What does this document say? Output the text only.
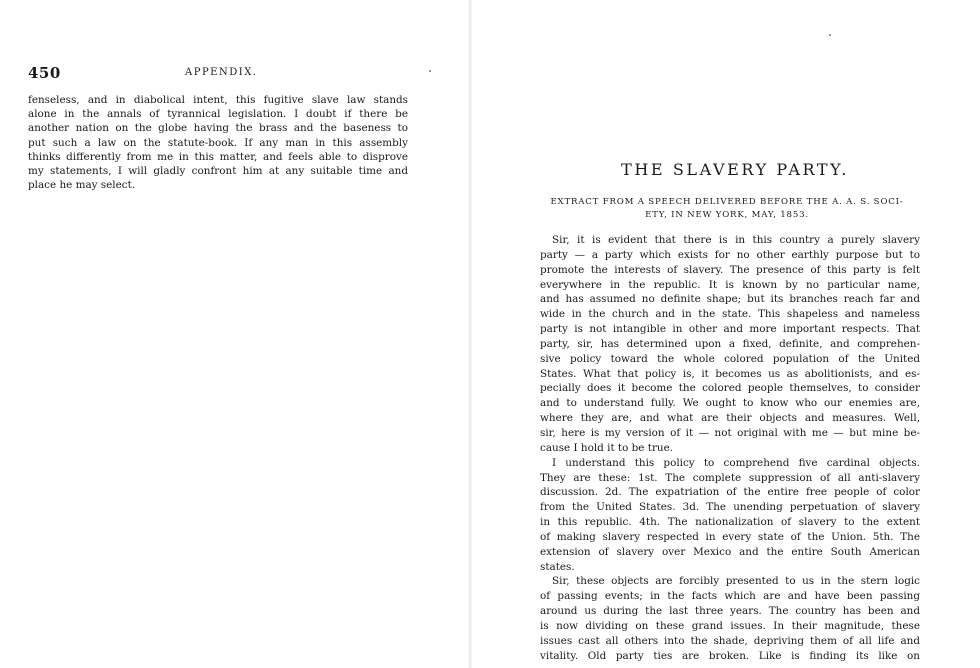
450	APPENDIX.

fenseless, and in diabolical intent, this fugitive slave law stands
alone in the annals of tyrannical legislation. I doubt if there be
another nation on the globe having the brass and the baseness to
put such a law on the statute-book. If any man in this assembly
thinks differently from me in this matter, and feels able to disprove
my statements, I will gladly confront him at any suitable time and
place he may select.

THE SLAVERY PARTY.

EXTRACT FROM A SPEECH DELIVERED BEFORE THE A. A. S. SOCI-
ETY, IN NEW YORK, MAY, 1853.

Sir, it is evident that there is in this country a purely slavery
party — a party which exists for no other earthly purpose but to
promote the interests of slavery. The presence of this party is felt
everywhere in the republic. It is known by no particular name,
and has assumed no definite shape; but its branches reach far and
wide in the church and in the state. This shapeless and nameless
party is not intangible in other and more important respects. That
party, sir, has determined upon a fixed, definite, and comprehen-
sive policy toward the whole colored population of the United
States. What that policy is, it becomes us as abolitionists, and es-
pecially does it become the colored people themselves, to consider
and to understand fully. We ought to know who our enemies are,
where they are, and what are their objects and measures. Well,
sir, here is my version of it — not original with me — but mine be-
cause I hold it to be true.
I understand this policy to comprehend five cardinal objects.
They are these: 1st. The complete suppression of all anti-slavery
discussion. 2d. The expatriation of the entire free people of color
from the United States. 3d. The unending perpetuation of slavery
in this republic. 4th. The nationalization of slavery to the extent
of making slavery respected in every state of the Union. 5th. The
extension of slavery over Mexico and the entire South American
states.
Sir, these objects are forcibly presented to us in the stern logic
of passing events; in the facts which are and have been passing
around us during the last three years. The country has been and
is now dividing on these grand issues. In their magnitude, these
issues cast all others into the shade, depriving them of all life and
vitality. Old party ties are broken. Like is finding its like on
